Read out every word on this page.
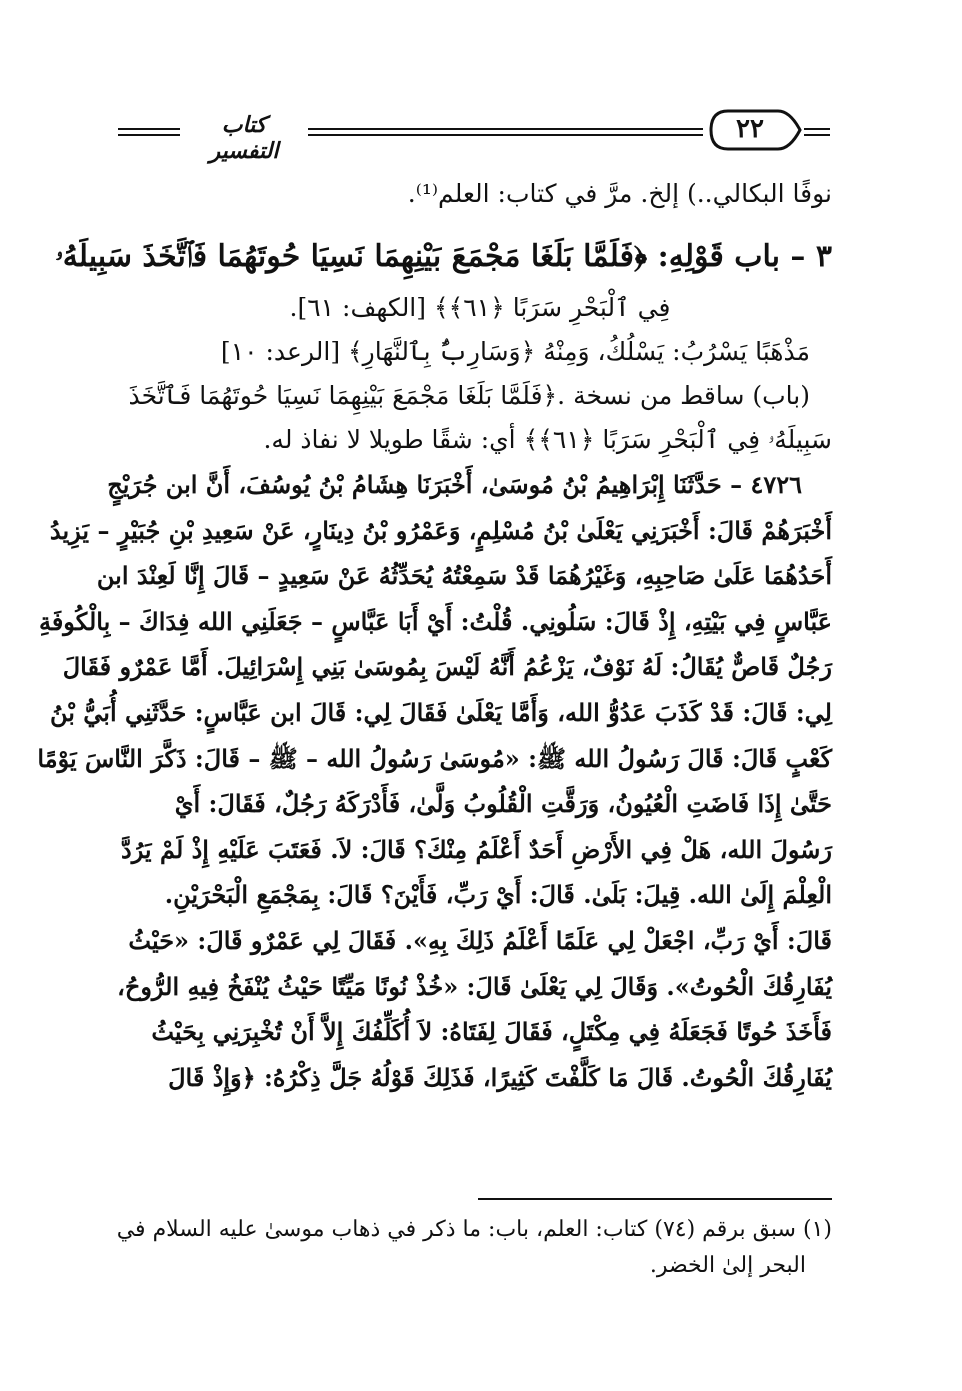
كتاب التفسير
٢٢
نوفًا البكالي..) إلخ. مرَّ في كتاب: العلم⁽¹⁾.
٣ – باب قَوْلِهِ: ﴿فَلَمَّا بَلَغَا مَجْمَعَ بَيْنِهِمَا نَسِيَا حُوتَهُمَا فَٱتَّخَذَ سَبِيلَهُۥ
فِي ٱلْبَحْرِ سَرَبًا ﴿٦١﴾﴾ [الكهف: ٦١].
مَذْهَبًا يَسْرُبُ: يَسْلُكُ، وَمِنْهُ ﴿وَسَارِبٌۢ بِٱلنَّهَارِ﴾ [الرعد: ١٠]
(باب) ساقط من نسخة .﴿فَلَمَّا بَلَغَا مَجْمَعَ بَيْنِهِمَا نَسِيَا حُوتَهُمَا فَٱتَّخَذَ
سَبِيلَهُۥ فِي ٱلْبَحْرِ سَرَبًا ﴿٦١﴾﴾ أي: شقًا طويلا لا نفاذ له.
٤٧٢٦ – حَدَّثَنَا إِبْرَاهِيمُ بْنُ مُوسَىٰ، أَخْبَرَنَا هِشَامُ بْنُ يُوسُفَ، أَنَّ ابن جُرَيْجٍ
أَخْبَرَهُمْ قَالَ: أَخْبَرَنِي يَعْلَىٰ بْنُ مُسْلِمٍ، وَعَمْرُو بْنُ دِينَارٍ، عَنْ سَعِيدِ بْنِ جُبَيْرٍ – يَزِيدُ
أَحَدُهُمَا عَلَىٰ صَاحِبِهِ، وَغَيْرُهُمَا قَدْ سَمِعْتُهُ يُحَدِّثُهُ عَنْ سَعِيدٍ – قَالَ إِنَّا لَعِنْدَ ابن
عَبَّاسٍ فِي بَيْتِهِ، إِذْ قَالَ: سَلُونِي. قُلْتُ: أَيْ أَبَا عَبَّاسٍ – جَعَلَنِي الله فِدَاكَ – بِالْكُوفَةِ
رَجُلٌ قَاصٌّ يُقَالُ: لَهُ نَوْفٌ، يَزْعُمُ أَنَّهُ لَيْسَ بِمُوسَىٰ بَنِي إِسْرَائِيلَ. أَمَّا عَمْرٌو فَقَالَ
لِي: قَالَ: قَدْ كَذَبَ عَدُوُّ الله، وَأَمَّا يَعْلَىٰ فَقَالَ لِي: قَالَ ابن عَبَّاسٍ: حَدَّثَنِي أُبَيُّ بْنُ
كَعْبٍ قَالَ: قَالَ رَسُولُ الله ﷺ: «مُوسَىٰ رَسُولُ الله – ﷺ – قَالَ: ذَكَّرَ النَّاسَ يَوْمًا
حَتَّىٰ إِذَا فَاضَتِ الْعُيُونُ، وَرَقَّتِ الْقُلُوبُ وَلَّىٰ، فَأَدْرَكَهُ رَجُلٌ، فَقَالَ: أَيْ
رَسُولَ الله، هَلْ فِي الأَرْضِ أَحَدٌ أَعْلَمُ مِنْكَ؟ قَالَ: لاَ. فَعَتَبَ عَلَيْهِ إِذْ لَمْ يَرُدَّ
الْعِلْمَ إِلَىٰ الله. قِيلَ: بَلَىٰ. قَالَ: أَيْ رَبِّ، فَأَيْنَ؟ قَالَ: بِمَجْمَعِ الْبَحْرَيْنِ.
قَالَ: أَيْ رَبِّ، اجْعَلْ لِي عَلَمًا أَعْلَمُ ذَلِكَ بِهِ». فَقَالَ لِي عَمْرٌو قَالَ: «حَيْثُ
يُفَارِقُكَ الْحُوتُ». وَقَالَ لِي يَعْلَىٰ قَالَ: «خُذْ نُونًا مَيِّتًا حَيْثُ يُنْفَخُ فِيهِ الرُّوحُ،
فَأَخَذَ حُوتًا فَجَعَلَهُ فِي مِكْتَلٍ، فَقَالَ لِفَتَاهُ: لاَ أُكَلِّفُكَ إِلاَّ أَنْ تُخْبِرَنِي بِحَيْثُ
يُفَارِقُكَ الْحُوتُ. قَالَ مَا كَلَّفْتَ كَثِيرًا، فَذَلِكَ قَوْلُهُ جَلَّ ذِكْرُهُ: ﴿وَإِذْ قَالَ
(١) سبق برقم (٧٤) كتاب: العلم، باب: ما ذكر في ذهاب موسىٰ عليه السلام في
البحر إلىٰ الخضر.
